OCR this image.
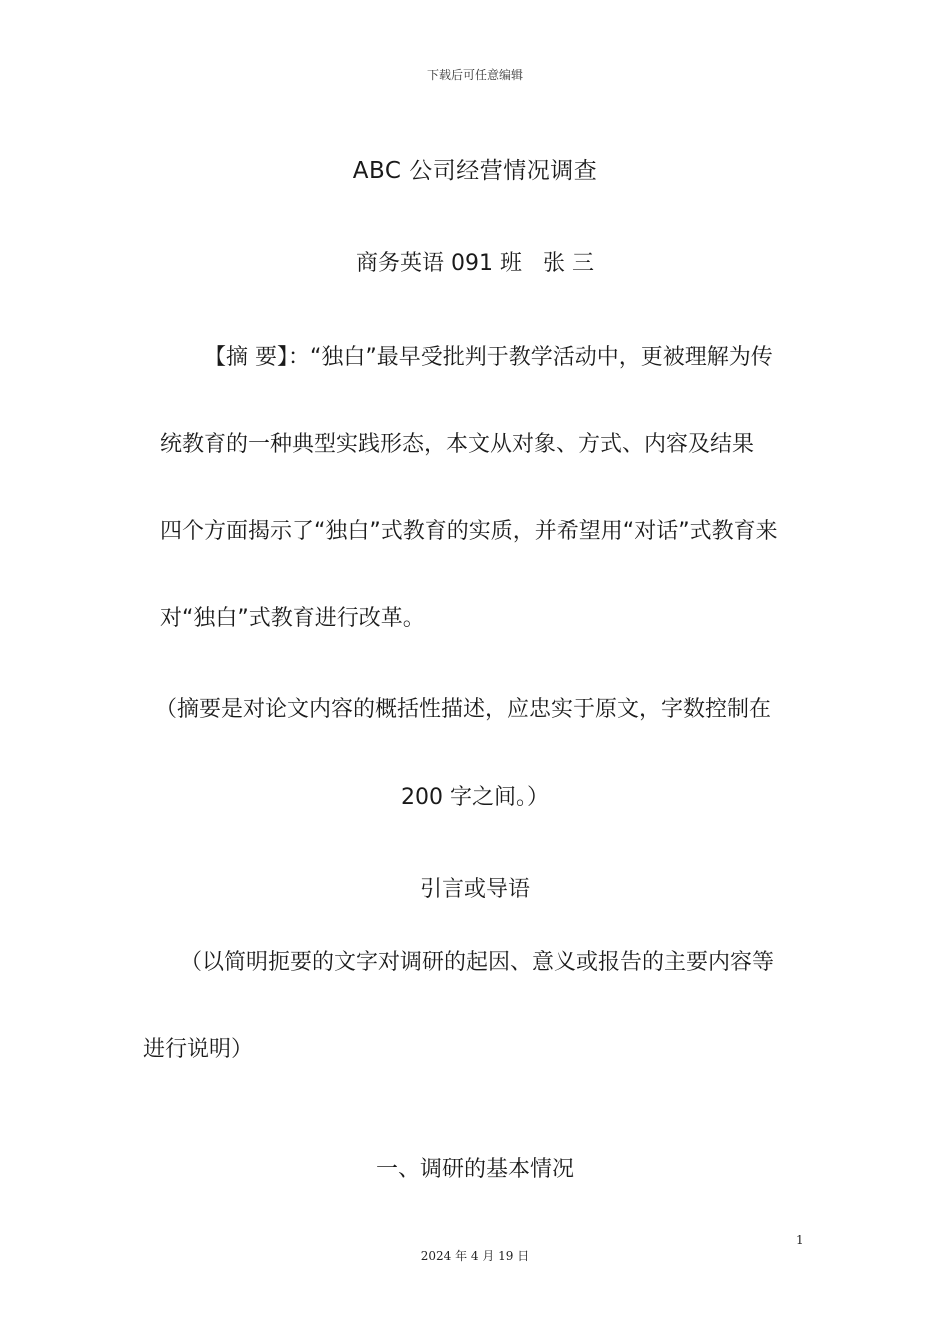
下载后可任意编辑
ABC 公司经营情况调查
商务英语 091 班   张 三
【摘 要】：“独白”最早受批判于教学活动中，更被理解为传
统教育的一种典型实践形态，本文从对象、方式、内容及结果
四个方面揭示了“独白”式教育的实质，并希望用“对话”式教育来
对“独白”式教育进行改革。
（摘要是对论文内容的概括性描述，应忠实于原文，字数控制在
200 字之间。）
引言或导语
（以简明扼要的文字对调研的起因、意义或报告的主要内容等
进行说明）
一、调研的基本情况
1
2024 年 4 月 19 日
